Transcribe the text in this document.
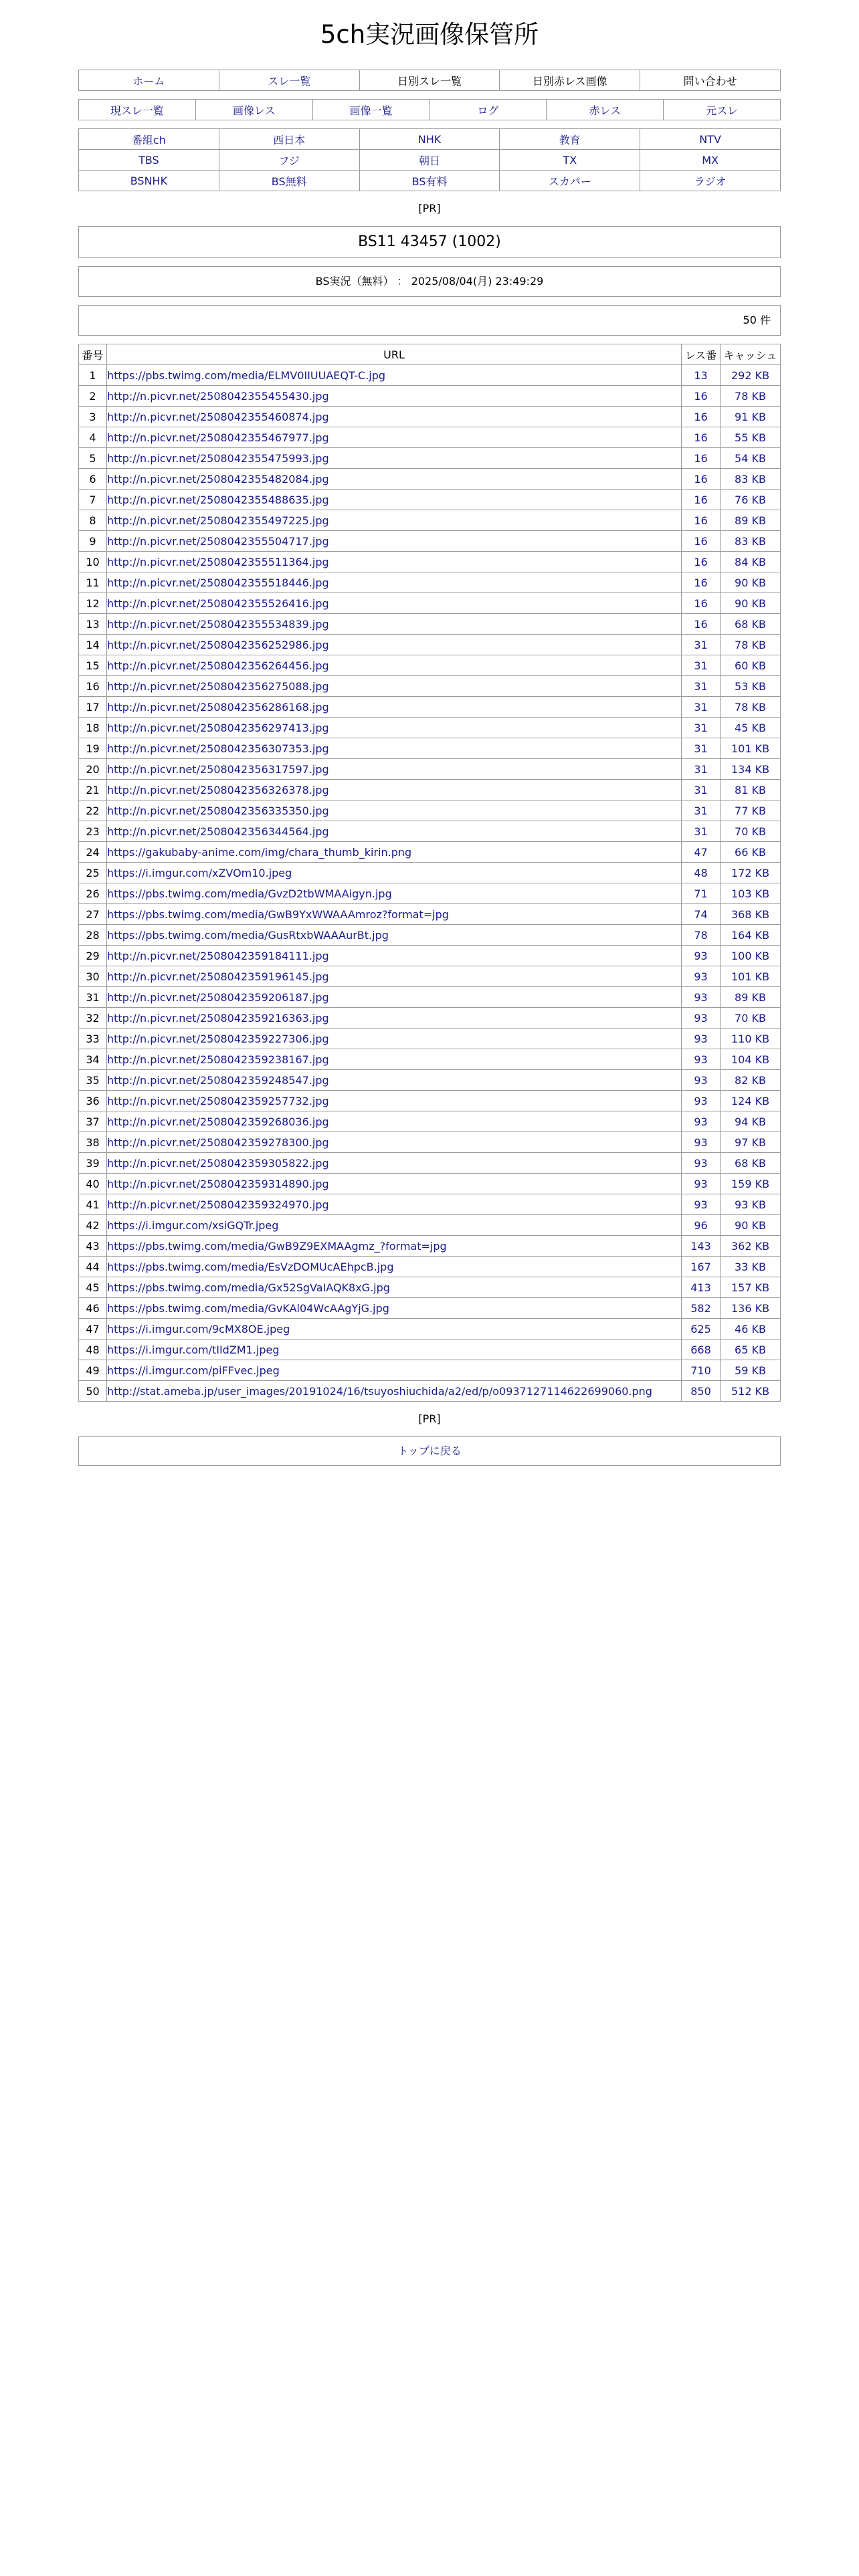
5ch実況画像保管所
ホーム	スレ一覧	日別スレ一覧	日別赤レス画像	問い合わせ
現スレ一覧	画像レス	画像一覧	ログ	赤レス	元スレ
番組ch	西日本	NHK	教育	NTV
TBS	フジ	朝日	TX	MX
BSNHK	BS無料	BS有料	スカパー	ラジオ
[PR]
BS11 43457 (1002)
BS実況（無料） ： 2025/08/04(月) 23:49:29
50 件
番号	URL	レス番	キャッシュ
1	https://pbs.twimg.com/media/ELMV0IIUUAEQT-C.jpg	13	292 KB
2	http://n.picvr.net/2508042355455430.jpg	16	78 KB
3	http://n.picvr.net/2508042355460874.jpg	16	91 KB
4	http://n.picvr.net/2508042355467977.jpg	16	55 KB
5	http://n.picvr.net/2508042355475993.jpg	16	54 KB
6	http://n.picvr.net/2508042355482084.jpg	16	83 KB
7	http://n.picvr.net/2508042355488635.jpg	16	76 KB
8	http://n.picvr.net/2508042355497225.jpg	16	89 KB
9	http://n.picvr.net/2508042355504717.jpg	16	83 KB
10	http://n.picvr.net/2508042355511364.jpg	16	84 KB
11	http://n.picvr.net/2508042355518446.jpg	16	90 KB
12	http://n.picvr.net/2508042355526416.jpg	16	90 KB
13	http://n.picvr.net/2508042355534839.jpg	16	68 KB
14	http://n.picvr.net/2508042356252986.jpg	31	78 KB
15	http://n.picvr.net/2508042356264456.jpg	31	60 KB
16	http://n.picvr.net/2508042356275088.jpg	31	53 KB
17	http://n.picvr.net/2508042356286168.jpg	31	78 KB
18	http://n.picvr.net/2508042356297413.jpg	31	45 KB
19	http://n.picvr.net/2508042356307353.jpg	31	101 KB
20	http://n.picvr.net/2508042356317597.jpg	31	134 KB
21	http://n.picvr.net/2508042356326378.jpg	31	81 KB
22	http://n.picvr.net/2508042356335350.jpg	31	77 KB
23	http://n.picvr.net/2508042356344564.jpg	31	70 KB
24	https://gakubaby-anime.com/img/chara_thumb_kirin.png	47	66 KB
25	https://i.imgur.com/xZVOm10.jpeg	48	172 KB
26	https://pbs.twimg.com/media/GvzD2tbWMAAigyn.jpg	71	103 KB
27	https://pbs.twimg.com/media/GwB9YxWWAAAmroz?format=jpg	74	368 KB
28	https://pbs.twimg.com/media/GusRtxbWAAAurBt.jpg	78	164 KB
29	http://n.picvr.net/2508042359184111.jpg	93	100 KB
30	http://n.picvr.net/2508042359196145.jpg	93	101 KB
31	http://n.picvr.net/2508042359206187.jpg	93	89 KB
32	http://n.picvr.net/2508042359216363.jpg	93	70 KB
33	http://n.picvr.net/2508042359227306.jpg	93	110 KB
34	http://n.picvr.net/2508042359238167.jpg	93	104 KB
35	http://n.picvr.net/2508042359248547.jpg	93	82 KB
36	http://n.picvr.net/2508042359257732.jpg	93	124 KB
37	http://n.picvr.net/2508042359268036.jpg	93	94 KB
38	http://n.picvr.net/2508042359278300.jpg	93	97 KB
39	http://n.picvr.net/2508042359305822.jpg	93	68 KB
40	http://n.picvr.net/2508042359314890.jpg	93	159 KB
41	http://n.picvr.net/2508042359324970.jpg	93	93 KB
42	https://i.imgur.com/xsiGQTr.jpeg	96	90 KB
43	https://pbs.twimg.com/media/GwB9Z9EXMAAgmz_?format=jpg	143	362 KB
44	https://pbs.twimg.com/media/EsVzDOMUcAEhpcB.jpg	167	33 KB
45	https://pbs.twimg.com/media/Gx52SgVaIAQK8xG.jpg	413	157 KB
46	https://pbs.twimg.com/media/GvKAl04WcAAgYjG.jpg	582	136 KB
47	https://i.imgur.com/9cMX8OE.jpeg	625	46 KB
48	https://i.imgur.com/tIIdZM1.jpeg	668	65 KB
49	https://i.imgur.com/piFFvec.jpeg	710	59 KB
50	http://stat.ameba.jp/user_images/20191024/16/tsuyoshiuchida/a2/ed/p/o0937127114622699060.png	850	512 KB
[PR]
トップに戻る
